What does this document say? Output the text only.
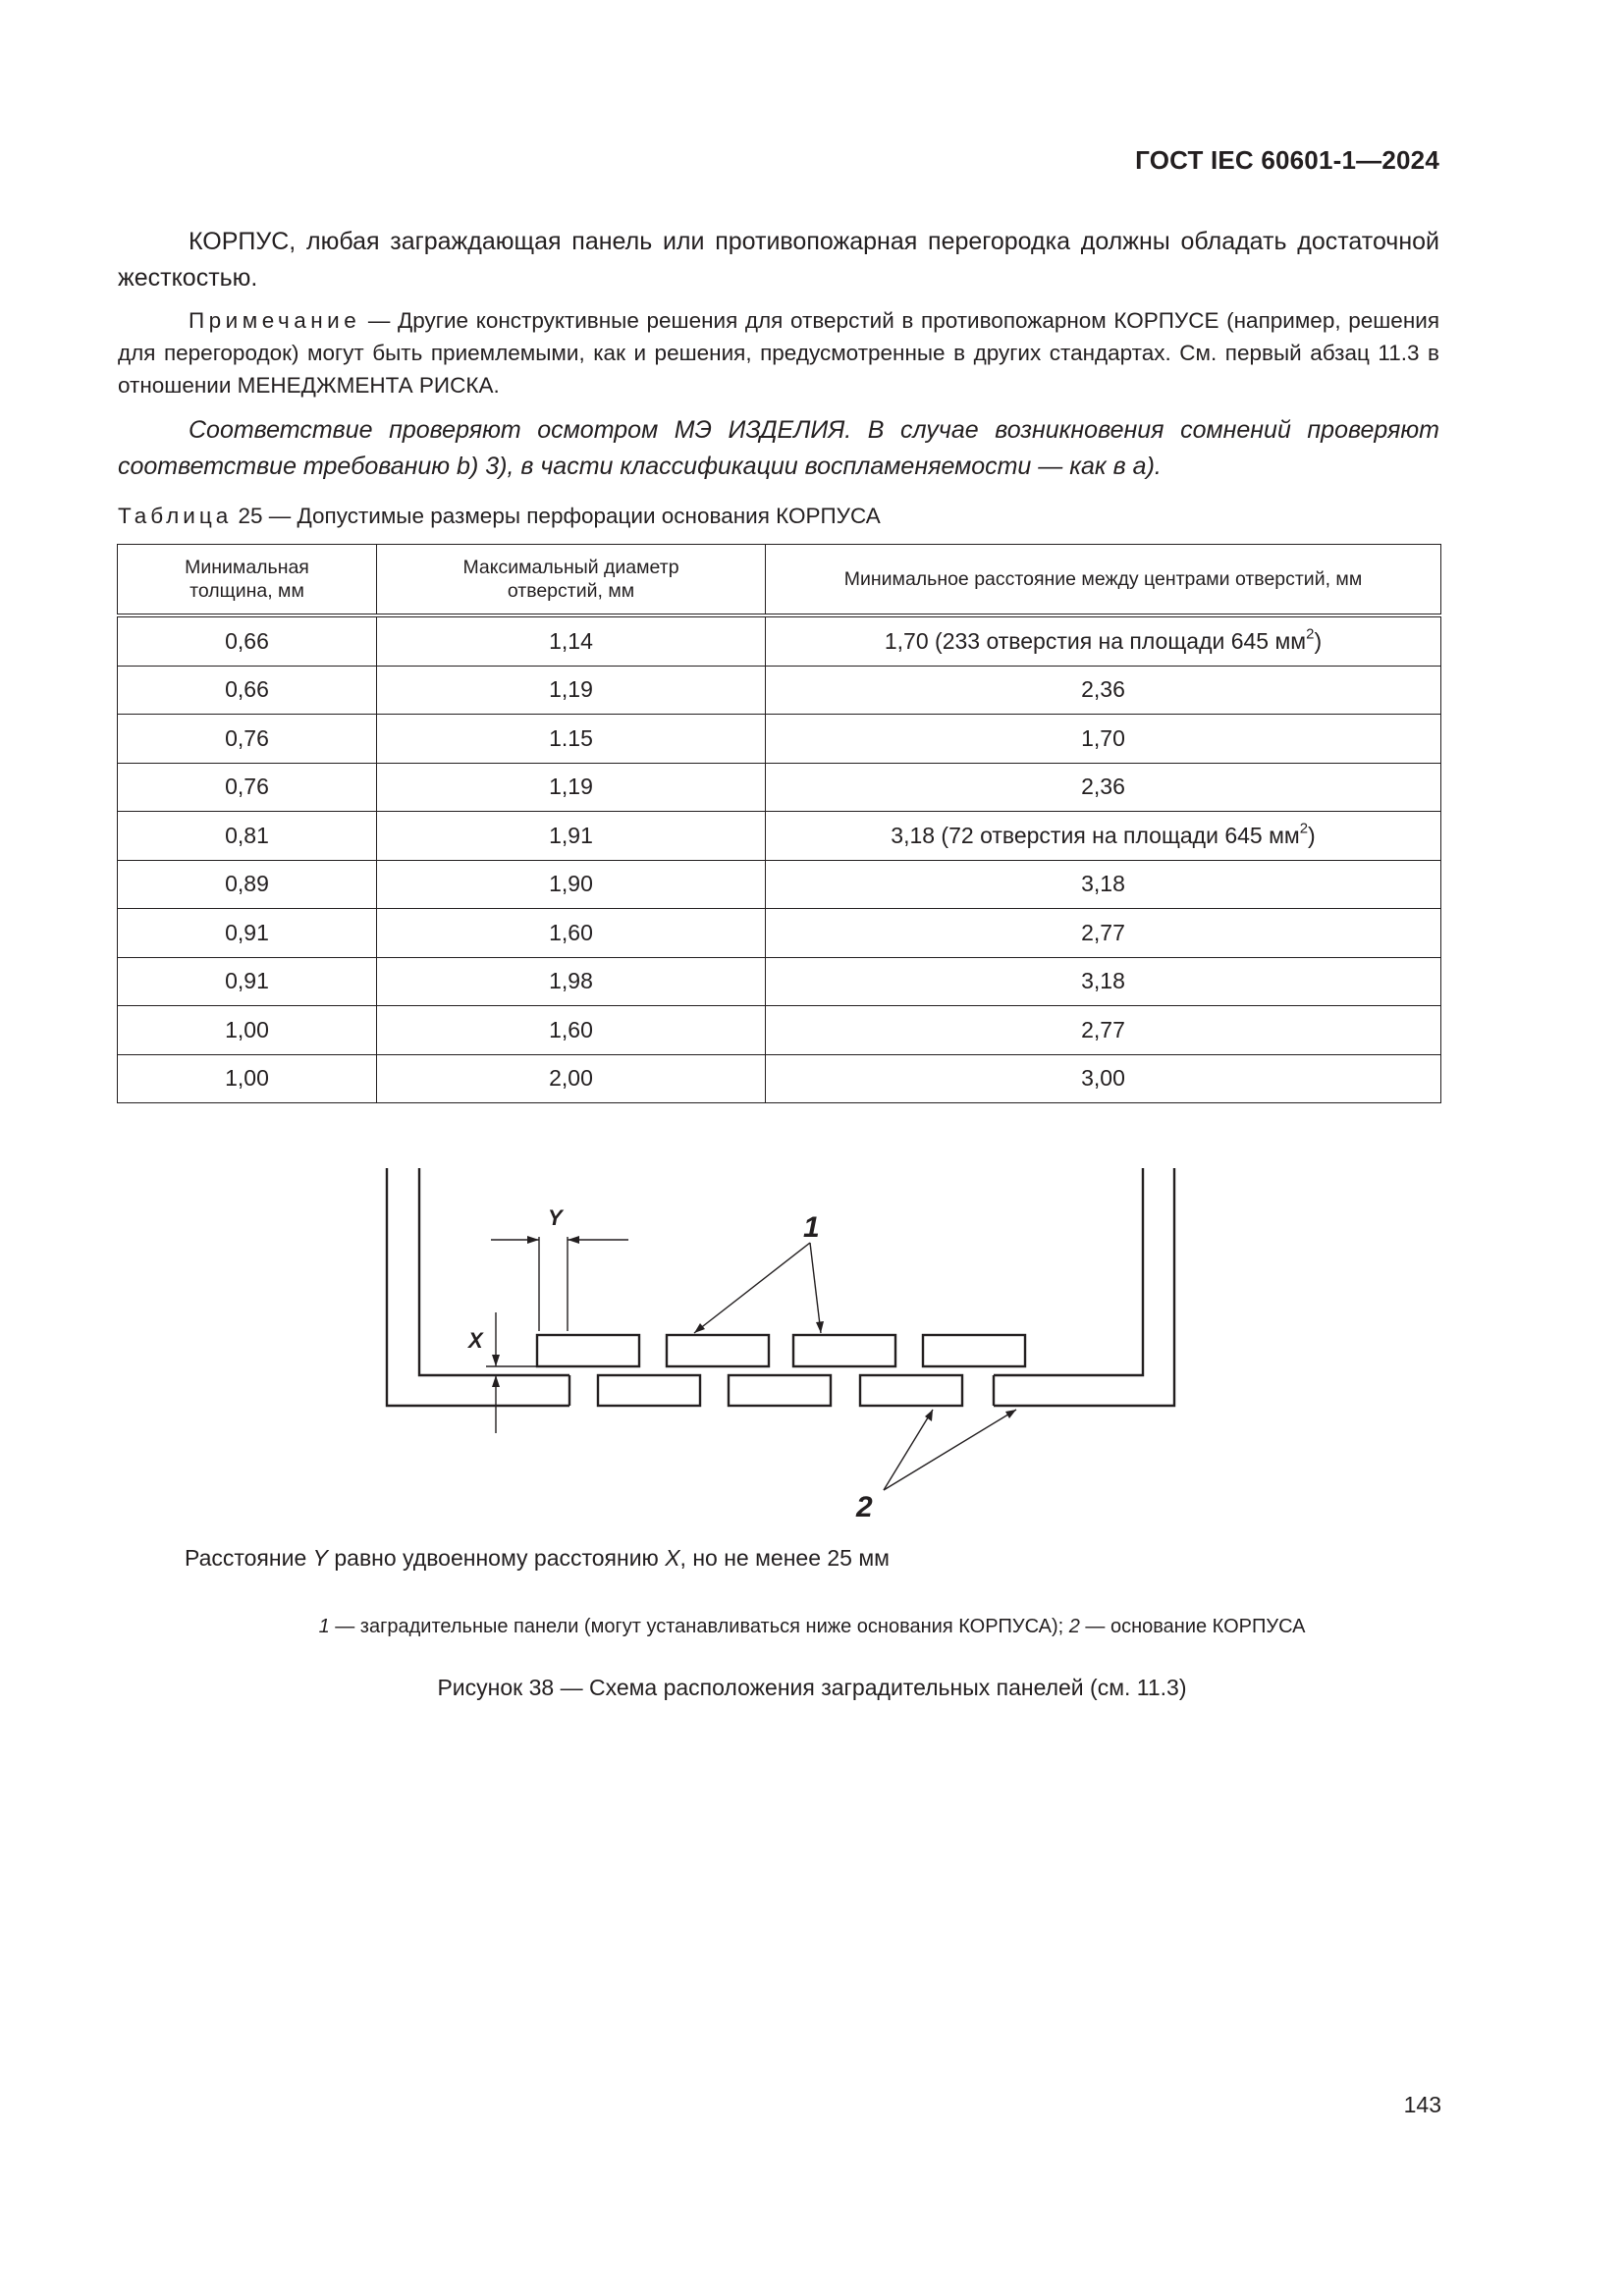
ГОСТ IEC 60601-1—2024
КОРПУС, любая заграждающая панель или противопожарная перегородка должны обладать достаточной жесткостью.
Примечание — Другие конструктивные решения для отверстий в противопожарном КОРПУСЕ (например, решения для перегородок) могут быть приемлемыми, как и решения, предусмотренные в других стандартах. См. первый абзац 11.3 в отношении МЕНЕДЖМЕНТА РИСКА.
Соответствие проверяют осмотром МЭ ИЗДЕЛИЯ. В случае возникновения сомнений проверяют соответствие требованию b) 3), в части классификации воспламеняемости — как в а).
Таблица 25 — Допустимые размеры перфорации основания КОРПУСА
Минимальная толщина, мм	Максимальный диаметр отверстий, мм	Минимальное расстояние между центрами отверстий, мм
0,66	1,14	1,70 (233 отверстия на площади 645 $мм^2$)
0,66	1,19	2,36
0,76	1.15	1,70
0,76	1,19	2,36
0,81	1,91	3,18 (72 отверстия на площади 645 $мм^2$)
0,89	1,90	3,18
0,91	1,60	2,77
0,91	1,98	3,18
1,00	1,60	2,77
1,00	2,00	3,00
Y
X
1
2
Расстояние Y равно удвоенному расстоянию X, но не менее 25 мм
1 — заградительные панели (могут устанавливаться ниже основания КОРПУСА); 2 — основание КОРПУСА
Рисунок 38 — Схема расположения заградительных панелей (см. 11.3)
143
